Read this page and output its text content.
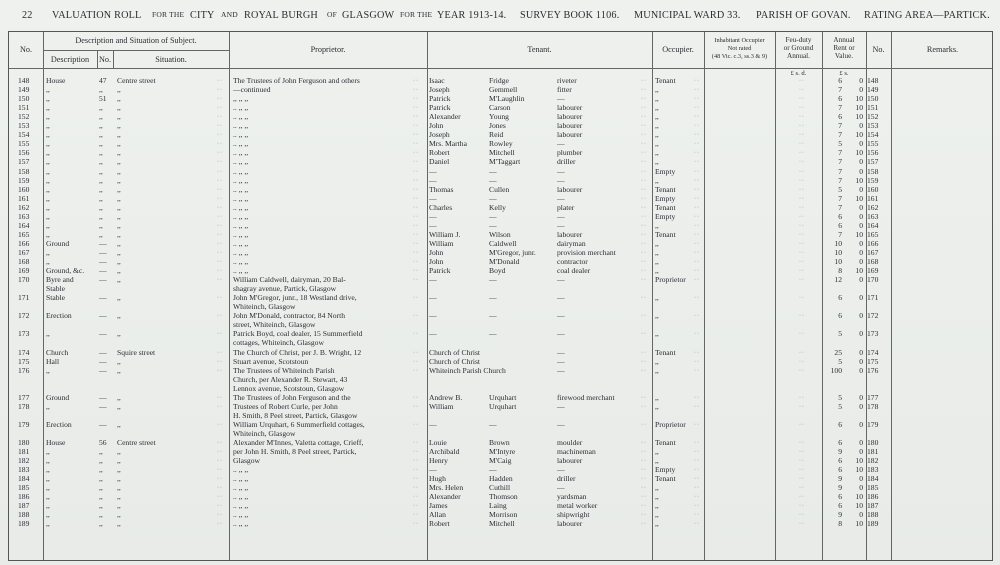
22 VALUATION ROLL FOR THE CITY AND ROYAL BURGH OF GLASGOW FOR THE YEAR 1913-14. SURVEY BOOK 1106. MUNICIPAL WARD 33. PARISH OF GOVAN. RATING AREA—PARTICK.
No.
Description and Situation of Subject.
Description	No.	Situation.
Proprietor.	Tenant.	Occupier.
Inhabitant Occupier
Not rated
(48 Vic. c.3, ss.3 & 9)
Feu-duty
or Ground
Annual.
£ s. d.
Annual
Rent or
Value.
£ s.
No.	Remarks.
148	House	47	Centre street	The Trustees of John Ferguson and others	Isaac	Fridge	riveter	Tenant	6	0 148
··	··	··	··	··
149	,,	,,	,,	—continued	Joseph	Gemmell	fitter	,,	7	0 149
··	··	··	··	··
150	,,	51	,,	,, ,, ,,	Patrick	M'Laughlin	—	,,	6	10 150
··	··	··	··	··
151	,,	,,	,,	.. ,, ,,	Patrick	Carson	labourer	,,	7	10 151
··	··	··	··	··
152	,,	,,	,,	.. ,, ,,	Alexander	Young	labourer	,,	6	10 152
··	··	··	··	··
153	,,	,,	,,	.. ,, ,,	John	Jones	labourer	,,	7	0 153
··	··	··	··	··
154	,,	,,	,,	.. ,, ,,	Joseph	Reid	labourer	,,	7	10 154
··	··	··	··	··
155	,,	,,	,,	.. ,, ,,	Mrs. Martha	Rowley	—	,,	5	0 155
··	··	··	··	··
156	,,	,,	,,	.. ,, ,,	Robert	Mitchell	plumber	,,	7	10 156
··	··	··	··	··
157	,,	,,	,,	.. ,, ,,	Daniel	M'Taggart	driller	,,	7	0 157
··	··	··	··	··
158	,,	,,	,,	.. ,, ,,	—	—	—	Empty	7	0 158
··	··	··	··	··
159	,,	,,	,,	.. ,, ,,	—	—	—	,,	7	10 159
··	··	··	··	··
160	,,	,,	,,	.. ,, ,,	Thomas	Cullen	labourer	Tenant	5	0 160
··	··	··	··	··
161	,,	,,	,,	.. ,, ,,	—	—	—	Empty	7	10 161
··	··	··	··	··
162	,,	,,	,,	.. ,, ,,	Charles	Kelly	plater	Tenant	7	0 162
··	··	··	··	··
163	,,	,,	,,	.. ,, ,,	—	—	—	Empty	6	0 163
··	··	··	··	··
164	,,	,,	,,	.. ,, ,,	—	—	—	,,	6	0 164
··	··	··	··	··
165	,,	,,	,,	.. ,, ,,	William J.	Wilson	labourer	Tenant	7	10 165
··	··	··	··	··
166	Ground	—	,,	.. ,, ,,	William	Caldwell	dairyman	,,	10	0 166
··	··	··	··	··
167	,,	—	,,	.. ,, ,,	John	M'Gregor, junr.	provision merchant	,,	10	0 167
··	··	··	··	··
168	,,	—	,,	.. ,, ,,	John	M'Donald	contractor	,,	10	0 168
··	··	··	··	··
169	Ground, &c.	—	,,	.. ,, ,,	Patrick	Boyd	coal dealer	,,	8	10 169
··	··	··	··	··
170	Byre and	—	,,	William Caldwell, dairyman, 20 Bal-	—	—	—	Proprietor	12	0 170
··	··	··	··	··
Stable	shagray avenue, Partick, Glasgow
171	Stable	—	,,	John M'Gregor, junr., 18 Westland drive,	—	—	—	,,	6	0 171
··	··	··	··	··
Whiteinch, Glasgow
172	Erection	—	,,	John M'Donald, contractor, 84 North	—	—	—	,,	6	0 172
··	··	··	··	··
street, Whiteinch, Glasgow
173	,,	—	,,	Patrick Boyd, coal dealer, 15 Summerfield	—	—	—	,,	5	0 173
··	··	··	··	··
cottages, Whiteinch, Glasgow
174	Church	—	Squire street	The Church of Christ, per J. B. Wright, 12	Church of Christ	—	Tenant	25	0 174
··	··	··	··	··
175	Hall	—	,,	Stuart avenue, Scotstoun	Church of Christ	—	,,	5	0 175
··	··	··	··	··
176	,,	—	,,	The Trustees of Whiteinch Parish	Whiteinch Parish Church	—	,,	100	0 176
··	··	··	··	··
Church, per Alexander R. Stewart, 43
Lennox avenue, Scotstoun, Glasgow
177	Ground	—	,,	The Trustees of John Ferguson and the	Andrew B.	Urquhart	firewood merchant	,,	5	0 177
··	··	··	··	··
178	,,	—	,,	Trustees of Robert Curle, per John	William	Urquhart	—	,,	5	0 178
··	··	··	··	··
H. Smith, 8 Peel street, Partick, Glasgow
179	Erection	—	,,	William Urquhart, 6 Summerfield cottages,	—	—	—	Proprietor	6	0 179
··	··	··	··	··
Whiteinch, Glasgow
180	House	56	Centre street	Alexander M'Innes, Valetta cottage, Crieff,	Louie	Brown	moulder	Tenant	6	0 180
··	··	··	··	··
181	,,	,,	,,	per John H. Smith, 8 Peel street, Partick,	Archibald	M'Intyre	machineman	,,	9	0 181
··	··	··	··	··
182	,,	,,	,,	Glasgow	Henry	M'Caig	labourer	,,	6	10 182
··	··	··	··	··
183	,,	,,	,,	.. ,, ,,	—	—	—	Empty	6	10 183
··	··	··	··	··
184	,,	,,	,,	.. ,, ,,	Hugh	Hadden	driller	Tenant	9	0 184
··	··	··	··	··
185	,,	,,	,,	.. ,, ,,	Mrs. Helen	Cuthill	—	,,	9	0 185
··	··	··	··	··
186	,,	,,	,,	.. ,, ,,	Alexander	Thomson	yardsman	,,	6	10 186
··	··	··	··	··
187	,,	,,	,,	.. ,, ,,	James	Laing	metal worker	,,	6	10 187
··	··	··	··	··
188	,,	,,	,,	.. ,, ,,	Allan	Morrison	shipwright	,,	9	0 188
··	··	··	··	··
189	,,	,,	,,	.. ,, ,,	Robert	Mitchell	labourer	,,	8	10 189
··	··	··	··	··
